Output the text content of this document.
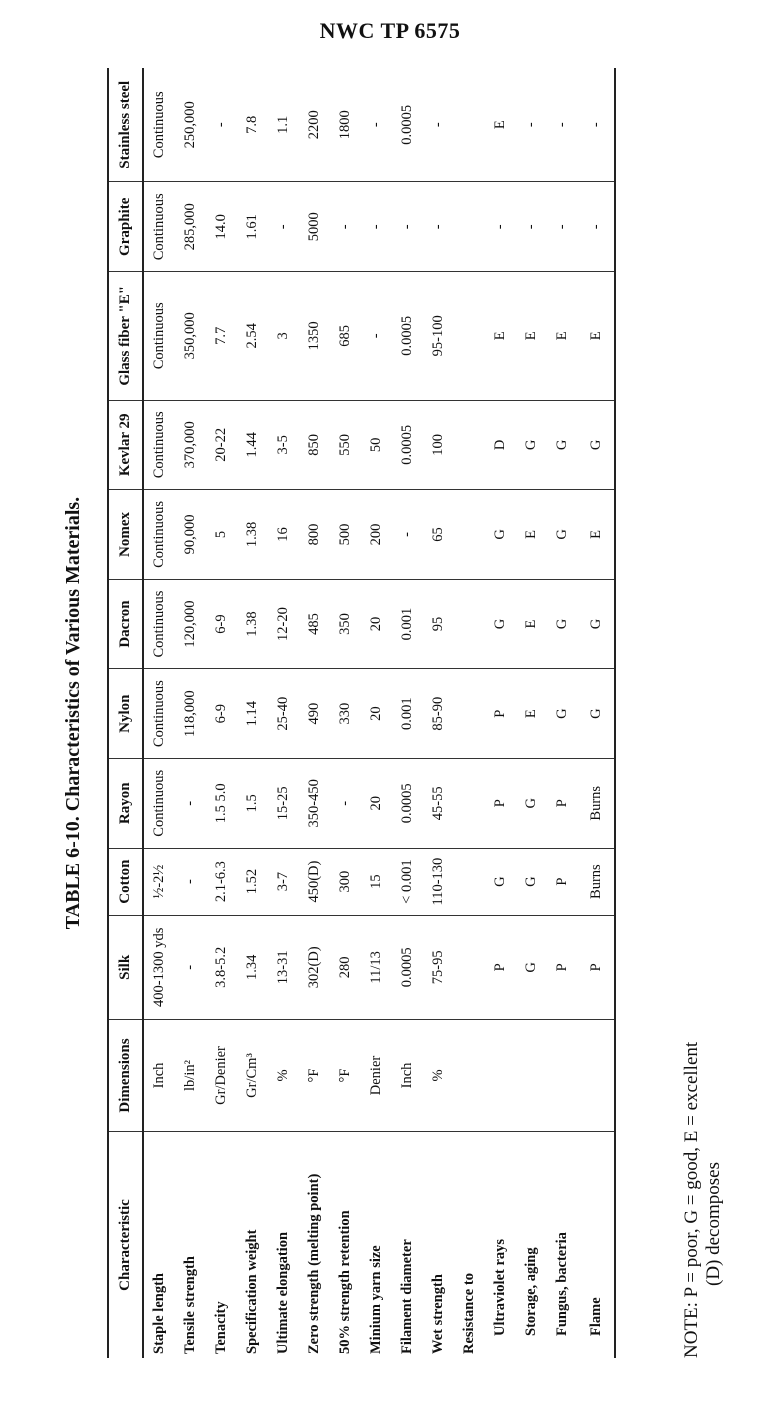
NWC TP 6575
TABLE 6-10. Characteristics of Various Materials.
Characteristic	Dimensions	Silk	Cotton	Rayon	Nylon	Dacron	Nomex	Kevlar 29	Glass fiber "E"	Graphite	Stainless steel
Staple length	Inch	400-1300 yds	½-2½	Continuous	Continuous	Continuous	Continuous	Continuous	Continuous	Continuous	Continuous
Tensile strength	lb/in²	-	-	-	118,000	120,000	90,000	370,000	350,000	285,000	250,000
Tenacity	Gr/Denier	3.8-5.2	2.1-6.3	1.5 5.0	6-9	6-9	5	20-22	7.7	14.0	-
Specification weight	Gr/Cm³	1.34	1.52	1.5	1.14	1.38	1.38	1.44	2.54	1.61	7.8
Ultimate elongation	%	13-31	3-7	15-25	25-40	12-20	16	3-5	3	-	1.1
Zero strength (melting point)	°F	302(D)	450(D)	350-450	490	485	800	850	1350	5000	2200
50% strength retention	°F	280	300	-	330	350	500	550	685	-	1800
Minium yarn size	Denier	11/13	15	20	20	20	200	50	-	-	-
Filament diameter	Inch	0.0005	< 0.001	0.0005	0.001	0.001	-	0.0005	0.0005	-	0.0005
Wet strength	%	75-95	110-130	45-55	85-90	95	65	100	95-100	-	-
Resistance to											
Ultraviolet rays		P	G	P	P	G	G	D	E	-	E
Storage, aging		G	G	G	E	E	E	G	E	-	-
Fungus, bacteria		P	P	P	G	G	G	G	E	-	-
Flame		P	Burns	Burns	G	G	E	G	E	-	-
NOTE: P = poor, G = good, E = excellent (D) decomposes
